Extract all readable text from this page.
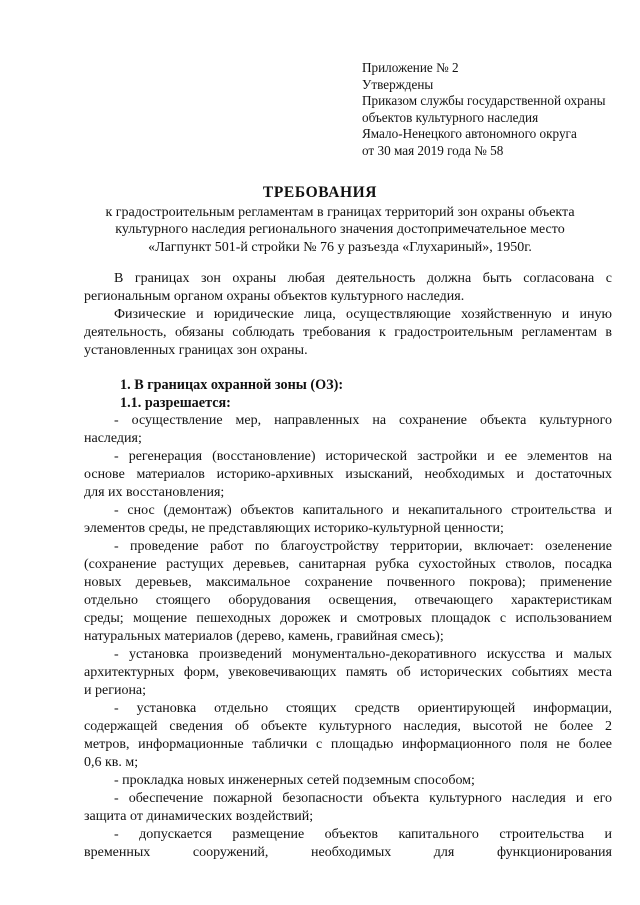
Приложение № 2
Утверждены
Приказом службы государственной охраны
объектов культурного наследия
Ямало-Ненецкого автономного округа
от 30 мая 2019 года № 58
ТРЕБОВАНИЯ
к градостроительным регламентам в границах территорий зон охраны объекта
культурного наследия регионального значения достопримечательное место
«Лагпункт 501-й стройки № 76 у разъезда «Глухариный», 1950г.
В границах зон охраны любая деятельность должна быть согласована с
региональным органом охраны объектов культурного наследия.
Физические и юридические лица, осуществляющие хозяйственную и иную
деятельность, обязаны соблюдать требования к градостроительным регламентам в
установленных границах зон охраны.
1. В границах охранной зоны (ОЗ):
1.1. разрешается:
- осуществление мер, направленных на сохранение объекта культурного
наследия;
- регенерация (восстановление) исторической застройки и ее элементов на
основе материалов историко-архивных изысканий, необходимых и достаточных
для их восстановления;
- снос (демонтаж) объектов капитального и некапитального строительства и
элементов среды, не представляющих историко-культурной ценности;
- проведение работ по благоустройству территории, включает: озеленение
(сохранение растущих деревьев, санитарная рубка сухостойных стволов, посадка
новых деревьев, максимальное сохранение почвенного покрова); применение
отдельно стоящего оборудования освещения, отвечающего характеристикам
среды; мощение пешеходных дорожек и смотровых площадок с использованием
натуральных материалов (дерево, камень, гравийная смесь);
- установка произведений монументально-декоративного искусства и малых
архитектурных форм, увековечивающих память об исторических событиях места
и региона;
- установка отдельно стоящих средств ориентирующей информации,
содержащей сведения об объекте культурного наследия, высотой не более 2
метров, информационные таблички с площадью информационного поля не более
0,6 кв. м;
- прокладка новых инженерных сетей подземным способом;
- обеспечение пожарной безопасности объекта культурного наследия и его
защита от динамических воздействий;
- допускается размещение объектов капитального строительства и
временных сооружений, необходимых для функционирования
